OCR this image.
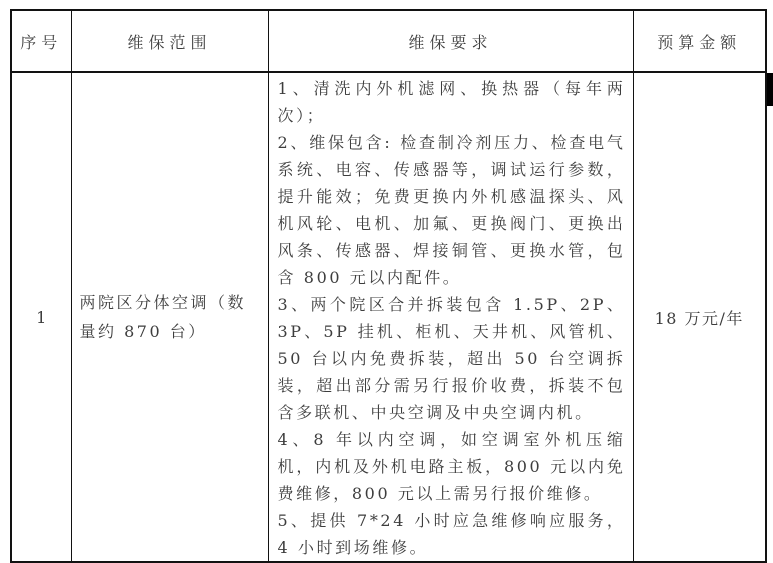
序号	维保范围	维保要求	预算金额
1	两院区分体空调（数量约 870 台）	1、清洗内外机滤网、换热器（每年两次）；

2、维保包含: 检查制冷剂压力、检查电气系统、电容、传感器等，调试运行参数，提升能效；免费更换内外机感温探头、风机风轮、电机、加氟、更换阀门、更换出风条、传感器、焊接铜管、更换水管，包含 800 元以内配件。

3、两个院区合并拆装包含 1.5P、2P、3P、5P 挂机、柜机、天井机、风管机、50 台以内免费拆装，超出 50 台空调拆装，超出部分需另行报价收费，拆装不包含多联机、中央空调及中央空调内机。

4、8 年以内空调，如空调室外机压缩机，内机及外机电路主板，800 元以内免费维修，800 元以上需另行报价维修。

5、提供 7*24 小时应急维修响应服务，4 小时到场维修。	18 万元/年
